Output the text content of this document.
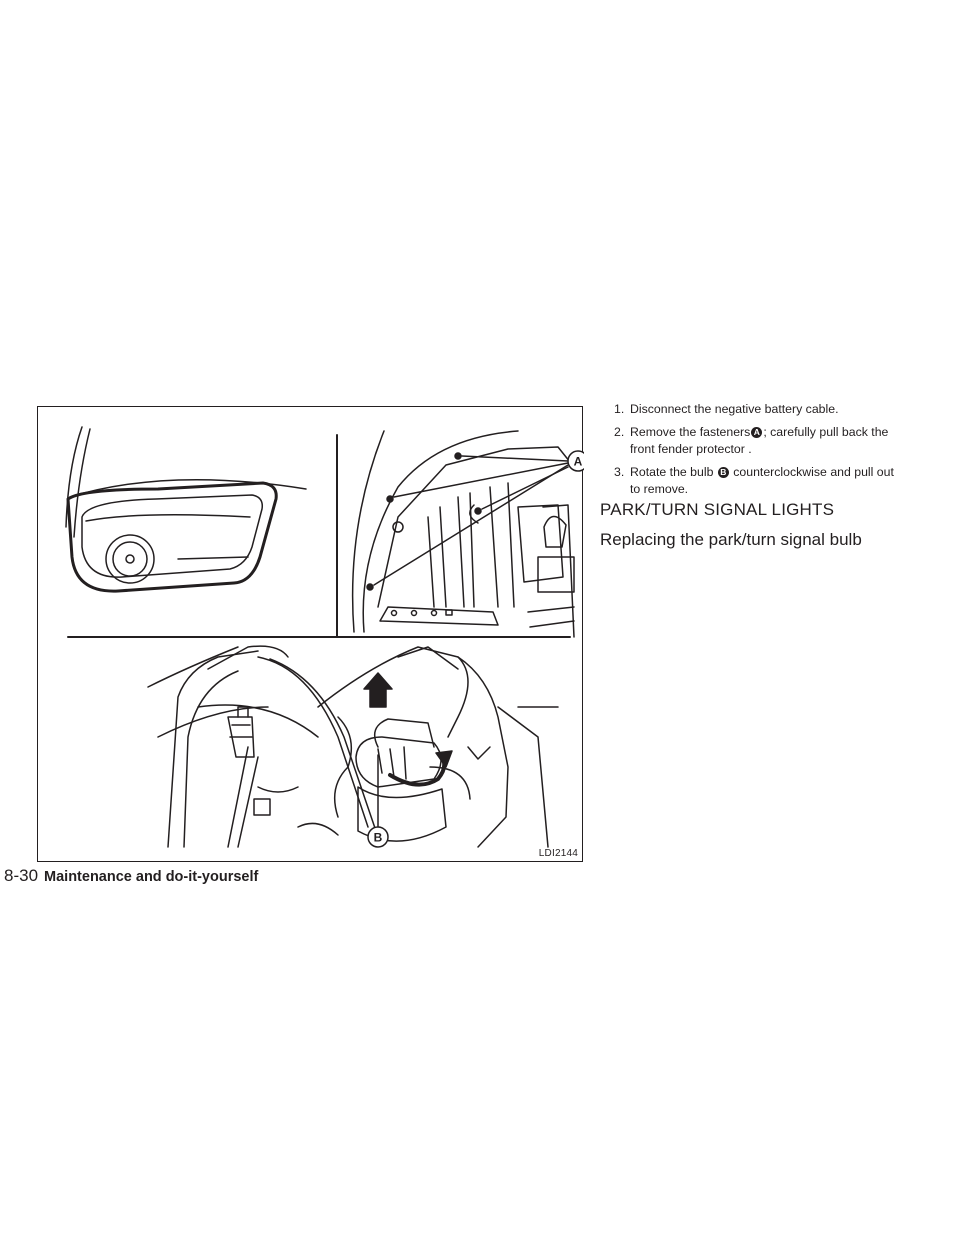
A
B
LDI2144
1. Disconnect the negative battery cable.
2. Remove the fasteners A ; carefully pull back the front fender protector .
3. Rotate the bulb B counterclockwise and pull out to remove.
PARK/TURN SIGNAL LIGHTS
Replacing the park/turn signal bulb
8-30 Maintenance and do-it-yourself
